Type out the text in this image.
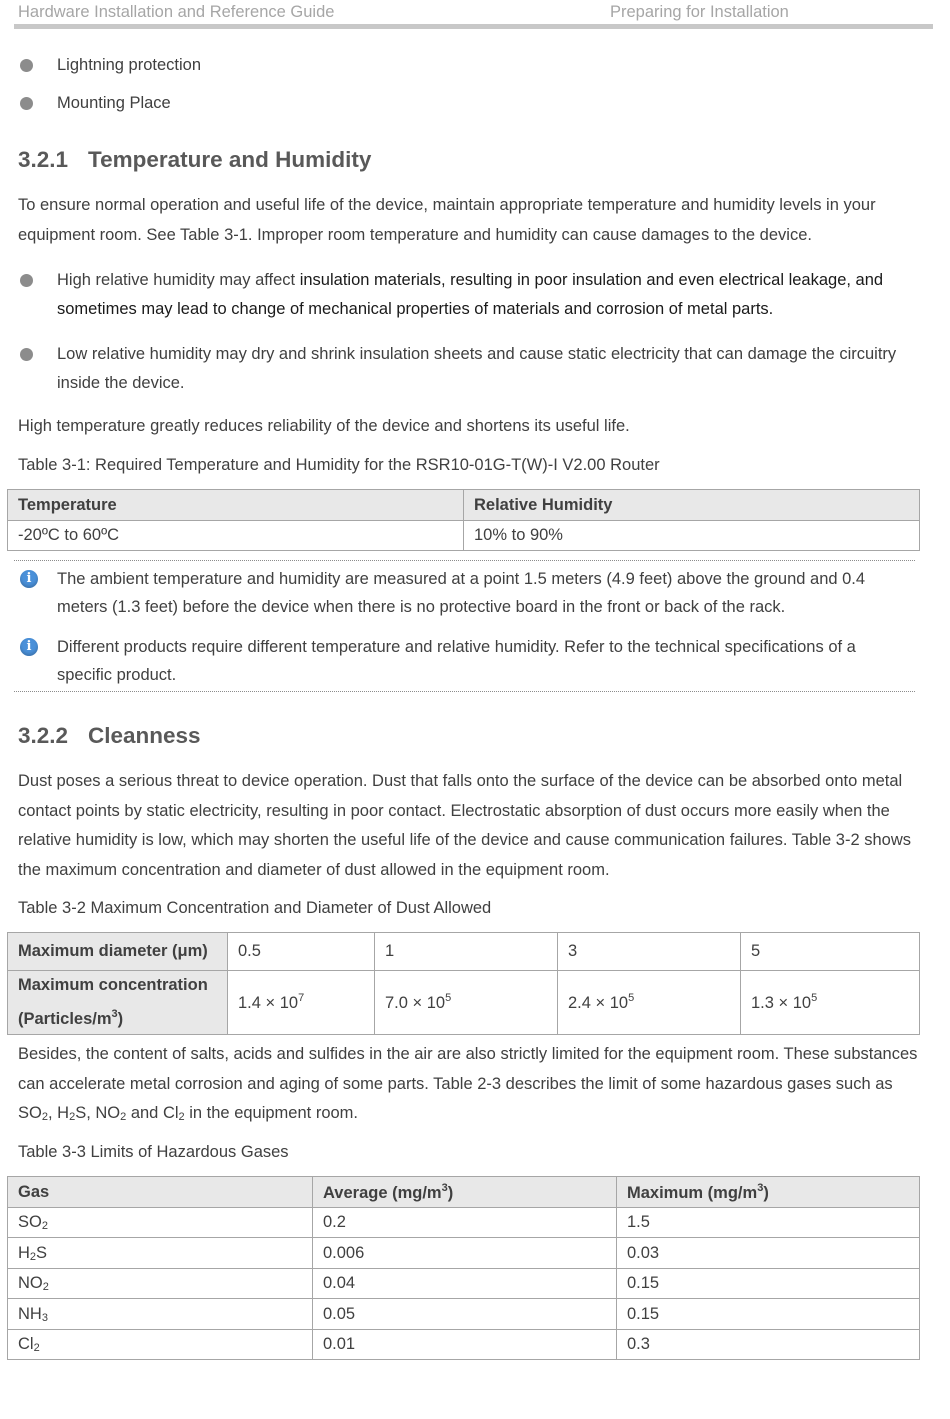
Hardware Installation and Reference Guide	Preparing for Installation
Lightning protection
Mounting Place
3.2.1 Temperature and Humidity
To ensure normal operation and useful life of the device, maintain appropriate temperature and humidity levels in your equipment room. See Table 3-1. Improper room temperature and humidity can cause damages to the device.
High relative humidity may affect insulation materials, resulting in poor insulation and even electrical leakage, and sometimes may lead to change of mechanical properties of materials and corrosion of metal parts.
Low relative humidity may dry and shrink insulation sheets and cause static electricity that can damage the circuitry inside the device.
High temperature greatly reduces reliability of the device and shortens its useful life.
Table 3-1: Required Temperature and Humidity for the RSR10-01G-T(W)-I V2.00 Router
Temperature	Relative Humidity
-20ºC to 60ºC	10% to 90%
i	The ambient temperature and humidity are measured at a point 1.5 meters (4.9 feet) above the ground and 0.4 meters (1.3 feet) before the device when there is no protective board in the front or back of the rack.
i	Different products require different temperature and relative humidity. Refer to the technical specifications of a specific product.
3.2.2 Cleanness
Dust poses a serious threat to device operation. Dust that falls onto the surface of the device can be absorbed onto metal contact points by static electricity, resulting in poor contact. Electrostatic absorption of dust occurs more easily when the relative humidity is low, which may shorten the useful life of the device and cause communication failures. Table 3-2 shows the maximum concentration and diameter of dust allowed in the equipment room.
Table 3-2 Maximum Concentration and Diameter of Dust Allowed
Maximum diameter (μm)	0.5	1	3	5
Maximum concentration
$(Particles/m^3)$	$1.4 \times 10^7$	$7.0 \times 10^5$	$2.4 \times 10^5$	$1.3 \times 10^5$
Besides, the content of salts, acids and sulfides in the air are also strictly limited for the equipment room. These substances can accelerate metal corrosion and aging of some parts. Table 2-3 describes the limit of some hazardous gases such as SO2, H2S, NO2 and Cl2 in the equipment room.
Table 3-3 Limits of Hazardous Gases
Gas	Average $(mg/m^3)$	Maximum $(mg/m^3)$
SO2	0.2	1.5
H2S	0.006	0.03
NO2	0.04	0.15
NH3	0.05	0.15
Cl2	0.01	0.3
